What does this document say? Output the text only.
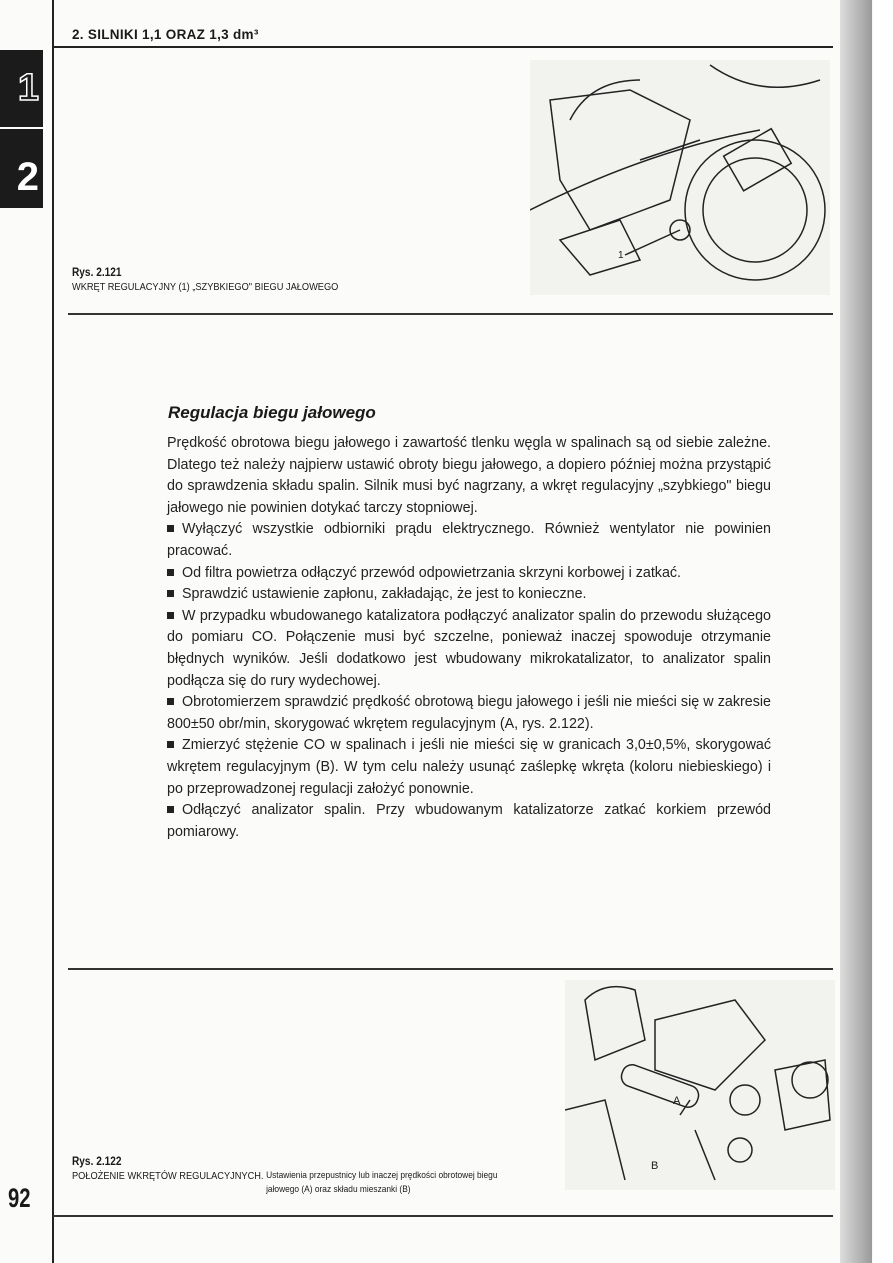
2. SILNIKI 1,1 ORAZ 1,3 dm³
1
2
1
Rys. 2.121
WKRĘT REGULACYJNY (1) „SZYBKIEGO" BIEGU JAŁOWEGO
Regulacja biegu jałowego

Prędkość obrotowa biegu jałowego i zawartość tlenku węgla w spalinach są od siebie zależne. Dlatego też należy najpierw ustawić obroty biegu jałowego, a dopiero później można przystąpić do sprawdzenia składu spalin. Silnik musi być nagrzany, a wkręt regulacyjny „szybkiego" biegu jałowego nie powinien dotykać tarczy stopniowej.

Wyłączyć wszystkie odbiorniki prądu elektrycznego. Również wentylator nie powinien pracować.

Od filtra powietrza odłączyć przewód odpowietrzania skrzyni korbowej i zatkać.

Sprawdzić ustawienie zapłonu, zakładając, że jest to konieczne.

W przypadku wbudowanego katalizatora podłączyć analizator spalin do przewodu służącego do pomiaru CO. Połączenie musi być szczelne, ponieważ inaczej spowoduje otrzymanie błędnych wyników. Jeśli dodatkowo jest wbudowany mikrokatalizator, to analizator spalin podłącza się do rury wydechowej.

Obrotomierzem sprawdzić prędkość obrotową biegu jałowego i jeśli nie mieści się w zakresie 800±50 obr/min, skorygować wkrętem regulacyjnym (A, rys. 2.122).

Zmierzyć stężenie CO w spalinach i jeśli nie mieści się w granicach 3,0±0,5%, skorygować wkrętem regulacyjnym (B). W tym celu należy usunąć zaślepkę wkręta (koloru niebieskiego) i po przeprowadzonej regulacji założyć ponownie.

Odłączyć analizator spalin. Przy wbudowanym katalizatorze zatkać korkiem przewód pomiarowy.

A
B
Rys. 2.122
POŁOŻENIE WKRĘTÓW REGULACYJNYCH. Ustawienia przepustnicy lub inaczej prędkości obrotowej biegu jałowego (A) oraz składu mieszanki (B)
92
